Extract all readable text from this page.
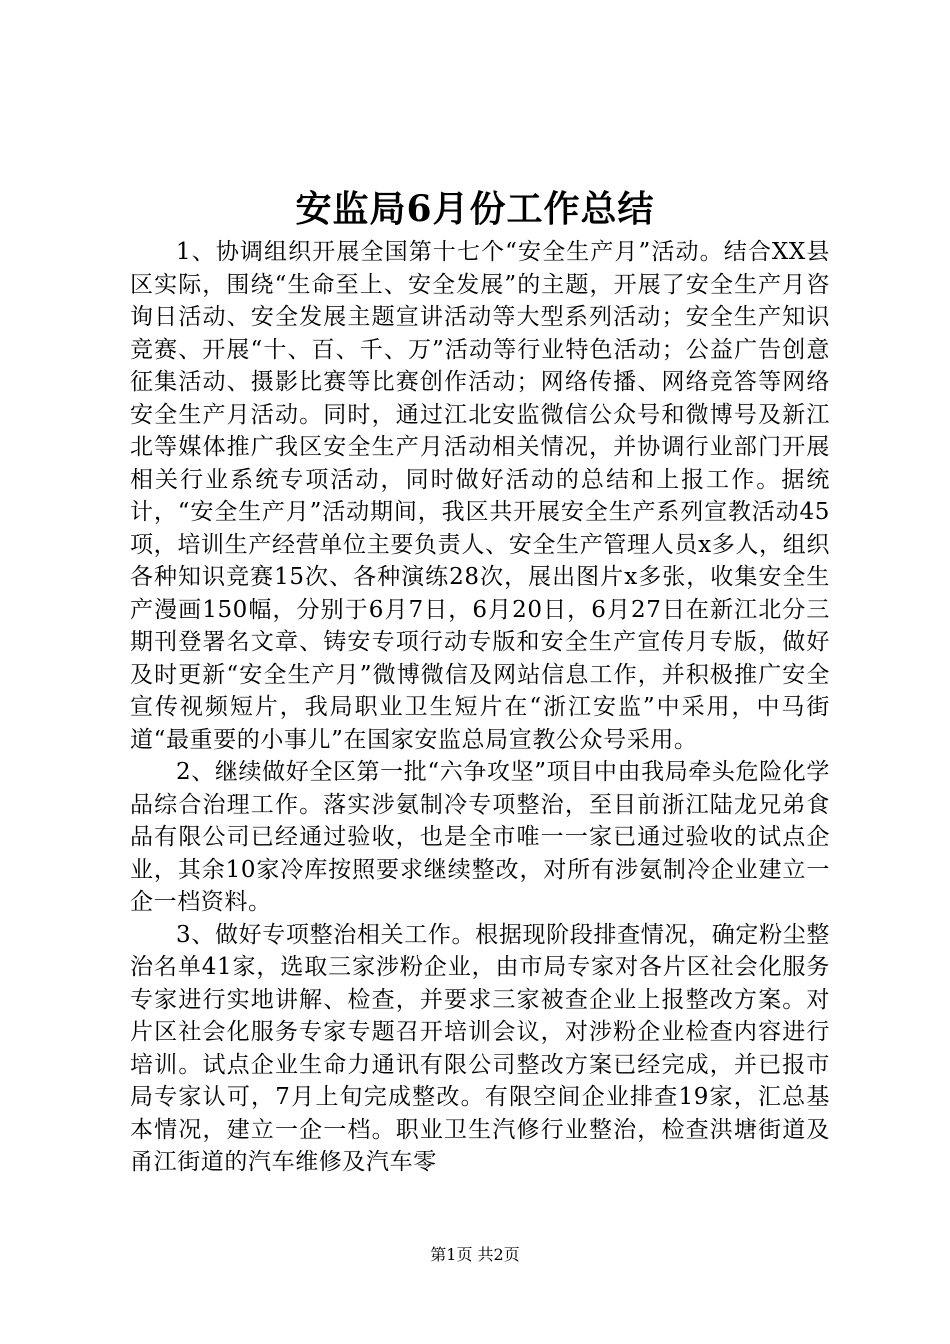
安监局6月份工作总结

1、协调组织开展全国第十七个“安全生产月”活动。结合XX县区实际，围绕“生命至上、安全发展”的主题，开展了安全生产月咨询日活动、安全发展主题宣讲活动等大型系列活动；安全生产知识竞赛、开展“十、百、千、万”活动等行业特色活动；公益广告创意征集活动、摄影比赛等比赛创作活动；网络传播、网络竞答等网络安全生产月活动。同时，通过江北安监微信公众号和微博号及新江北等媒体推广我区安全生产月活动相关情况，并协调行业部门开展相关行业系统专项活动，同时做好活动的总结和上报工作。据统计，“安全生产月”活动期间，我区共开展安全生产系列宣教活动45项，培训生产经营单位主要负责人、安全生产管理人员x多人，组织各种知识竞赛15次、各种演练28次，展出图片x多张，收集安全生产漫画150幅，分别于6月7日，6月20日，6月27日在新江北分三期刊登署名文章、铸安专项行动专版和安全生产宣传月专版，做好及时更新“安全生产月”微博微信及网站信息工作，并积极推广安全宣传视频短片，我局职业卫生短片在“浙江安监”中采用，中马街道“最重要的小事儿”在国家安监总局宣教公众号采用。

2、继续做好全区第一批“六争攻坚”项目中由我局牵头危险化学品综合治理工作。落实涉氨制冷专项整治，至目前浙江陆龙兄弟食品有限公司已经通过验收，也是全市唯一一家已通过验收的试点企业，其余10家冷库按照要求继续整改，对所有涉氨制冷企业建立一企一档资料。

3、做好专项整治相关工作。根据现阶段排查情况，确定粉尘整治名单41家，选取三家涉粉企业，由市局专家对各片区社会化服务专家进行实地讲解、检查，并要求三家被查企业上报整改方案。对片区社会化服务专家专题召开培训会议，对涉粉企业检查内容进行培训。试点企业生命力通讯有限公司整改方案已经完成，并已报市局专家认可，7月上旬完成整改。有限空间企业排查19家，汇总基本情况，建立一企一档。职业卫生汽修行业整治，检查洪塘街道及甬江街道的汽车维修及汽车零

第1页 共2页
